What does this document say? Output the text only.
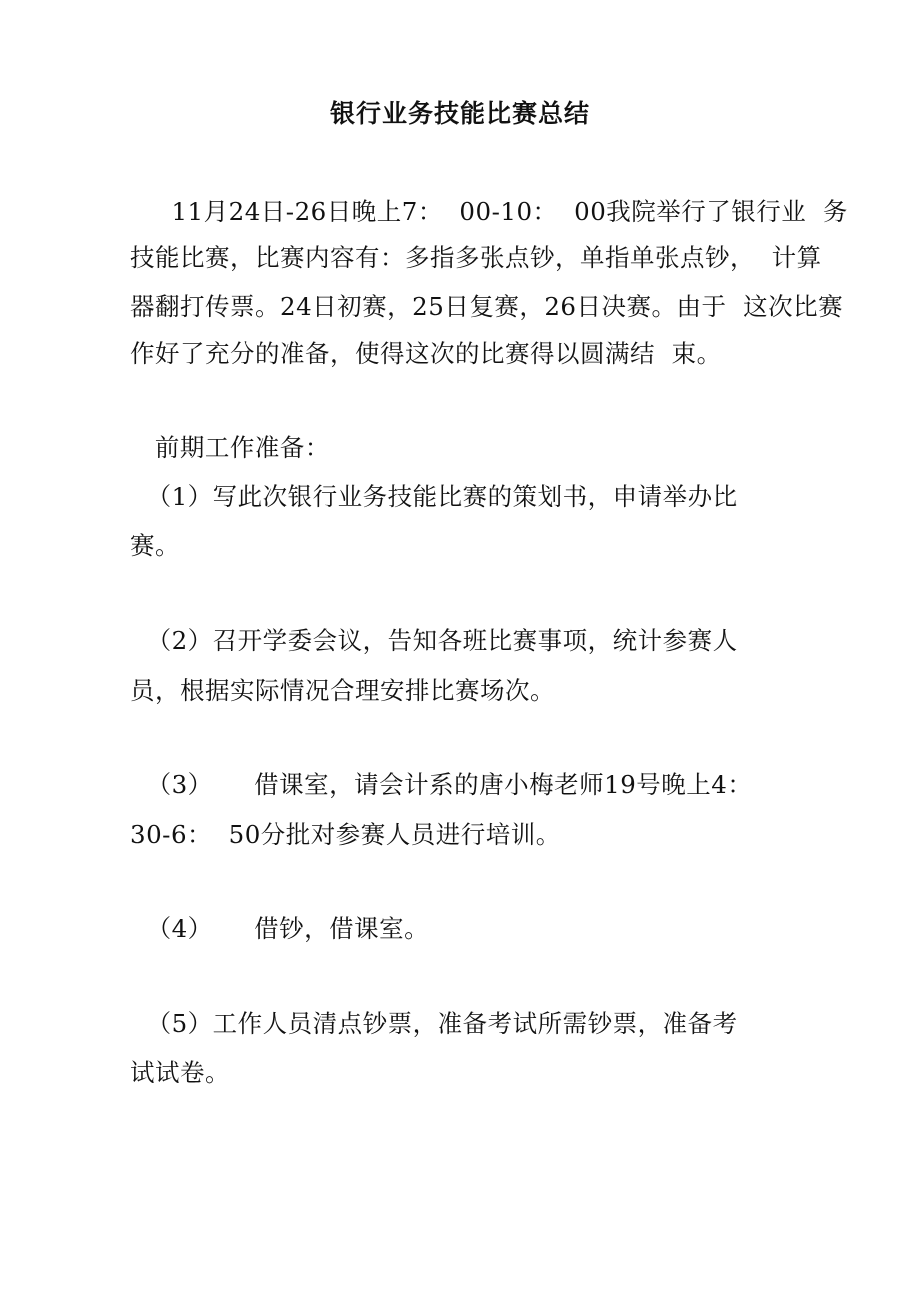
银行业务技能比赛总结
11月24日-26日晚上7：  00-10：  00我院举行了银行业  务
技能比赛，比赛内容有：多指多张点钞，单指单张点钞，  计算
器翻打传票。24日初赛，25日复赛，26日决赛。由于  这次比赛
作好了充分的准备，使得这次的比赛得以圆满结  束。
前期工作准备：
（1）写此次银行业务技能比赛的策划书，申请举办比
赛。
（2）召开学委会议，告知各班比赛事项，统计参赛人
员，根据实际情况合理安排比赛场次。
（3）     借课室，请会计系的唐小梅老师19号晚上4：
30-6：  50分批对参赛人员进行培训。
（4）     借钞，借课室。
（5）工作人员清点钞票，准备考试所需钞票，准备考
试试卷。
